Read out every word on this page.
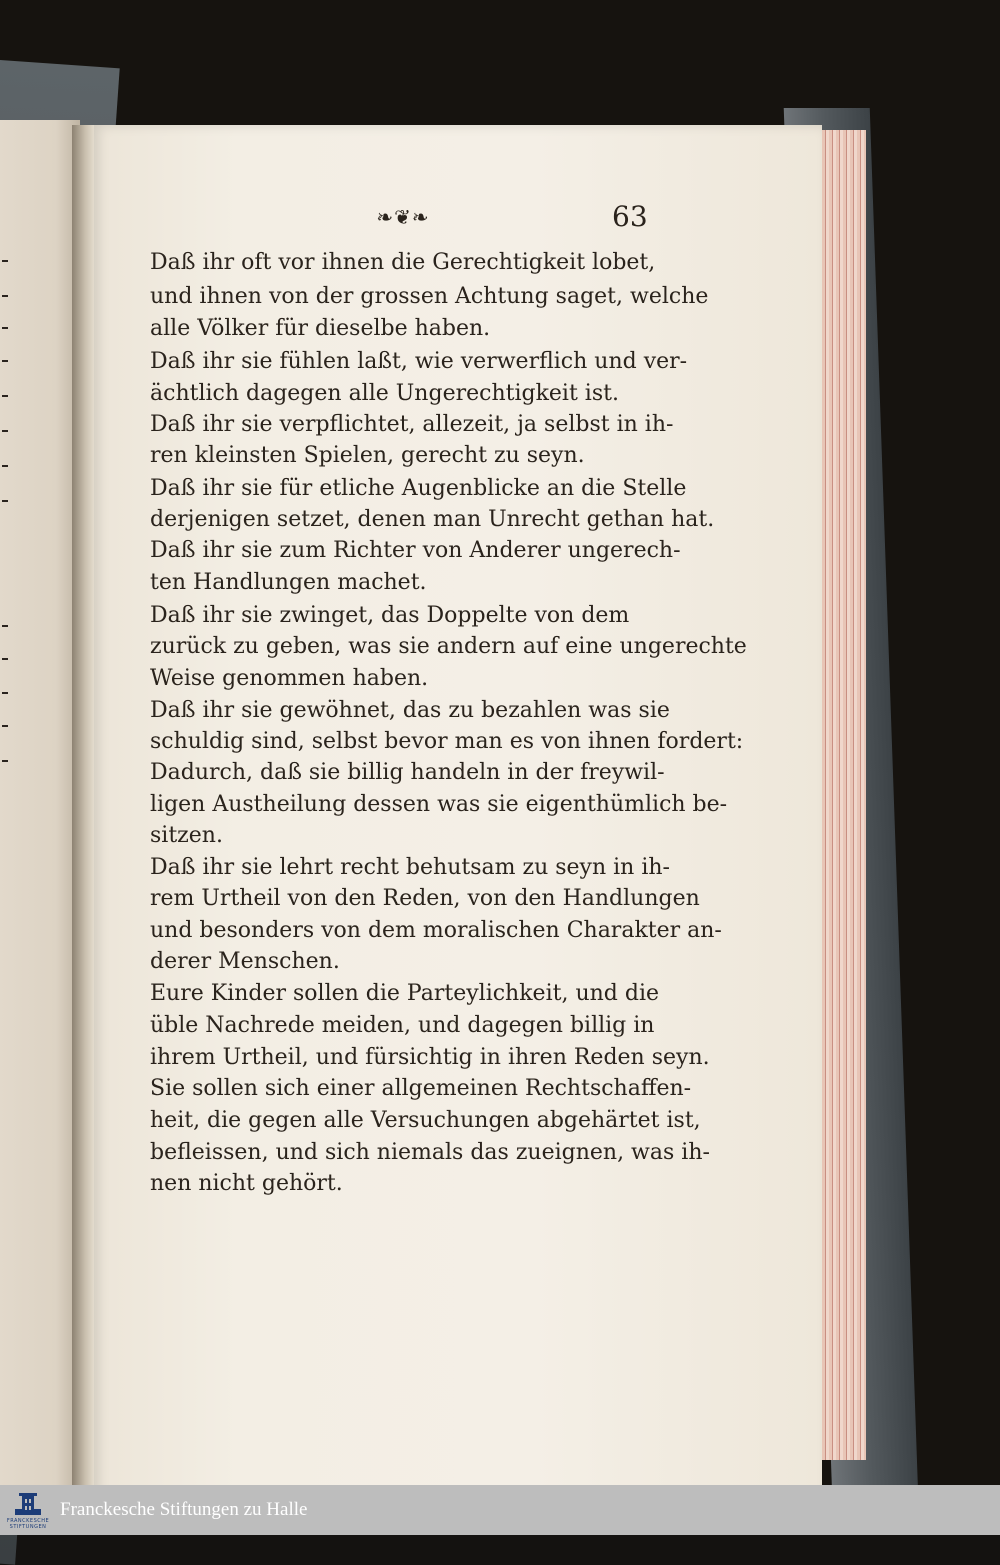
❧❦❧	63
Daß ihr oft vor ihnen die Gerechtigkeit lobet,
und ihnen von der grossen Achtung saget, welche
alle Völker für dieselbe haben.
Daß ihr sie fühlen laßt, wie verwerflich und ver-
ächtlich dagegen alle Ungerechtigkeit ist.
Daß ihr sie verpflichtet, allezeit, ja selbst in ih-
ren kleinsten Spielen, gerecht zu seyn.
Daß ihr sie für etliche Augenblicke an die Stelle
derjenigen setzet, denen man Unrecht gethan hat.
Daß ihr sie zum Richter von Anderer ungerech-
ten Handlungen machet.
Daß ihr sie zwinget, das Doppelte von dem
zurück zu geben, was sie andern auf eine ungerechte
Weise genommen haben.
Daß ihr sie gewöhnet, das zu bezahlen was sie
schuldig sind, selbst bevor man es von ihnen fordert:
Dadurch, daß sie billig handeln in der freywil-
ligen Austheilung dessen was sie eigenthümlich be-
sitzen.
Daß ihr sie lehrt recht behutsam zu seyn in ih-
rem Urtheil von den Reden, von den Handlungen
und besonders von dem moralischen Charakter an-
derer Menschen.
Eure Kinder sollen die Parteylichkeit, und die
üble Nachrede meiden, und dagegen billig in
ihrem Urtheil, und fürsichtig in ihren Reden seyn.
Sie sollen sich einer allgemeinen Rechtschaffen-
heit, die gegen alle Versuchungen abgehärtet ist,
befleissen, und sich niemals das zueignen, was ih-
nen nicht gehört.
FRANCKESCHE STIFTUNGEN
Franckesche Stiftungen zu Halle
